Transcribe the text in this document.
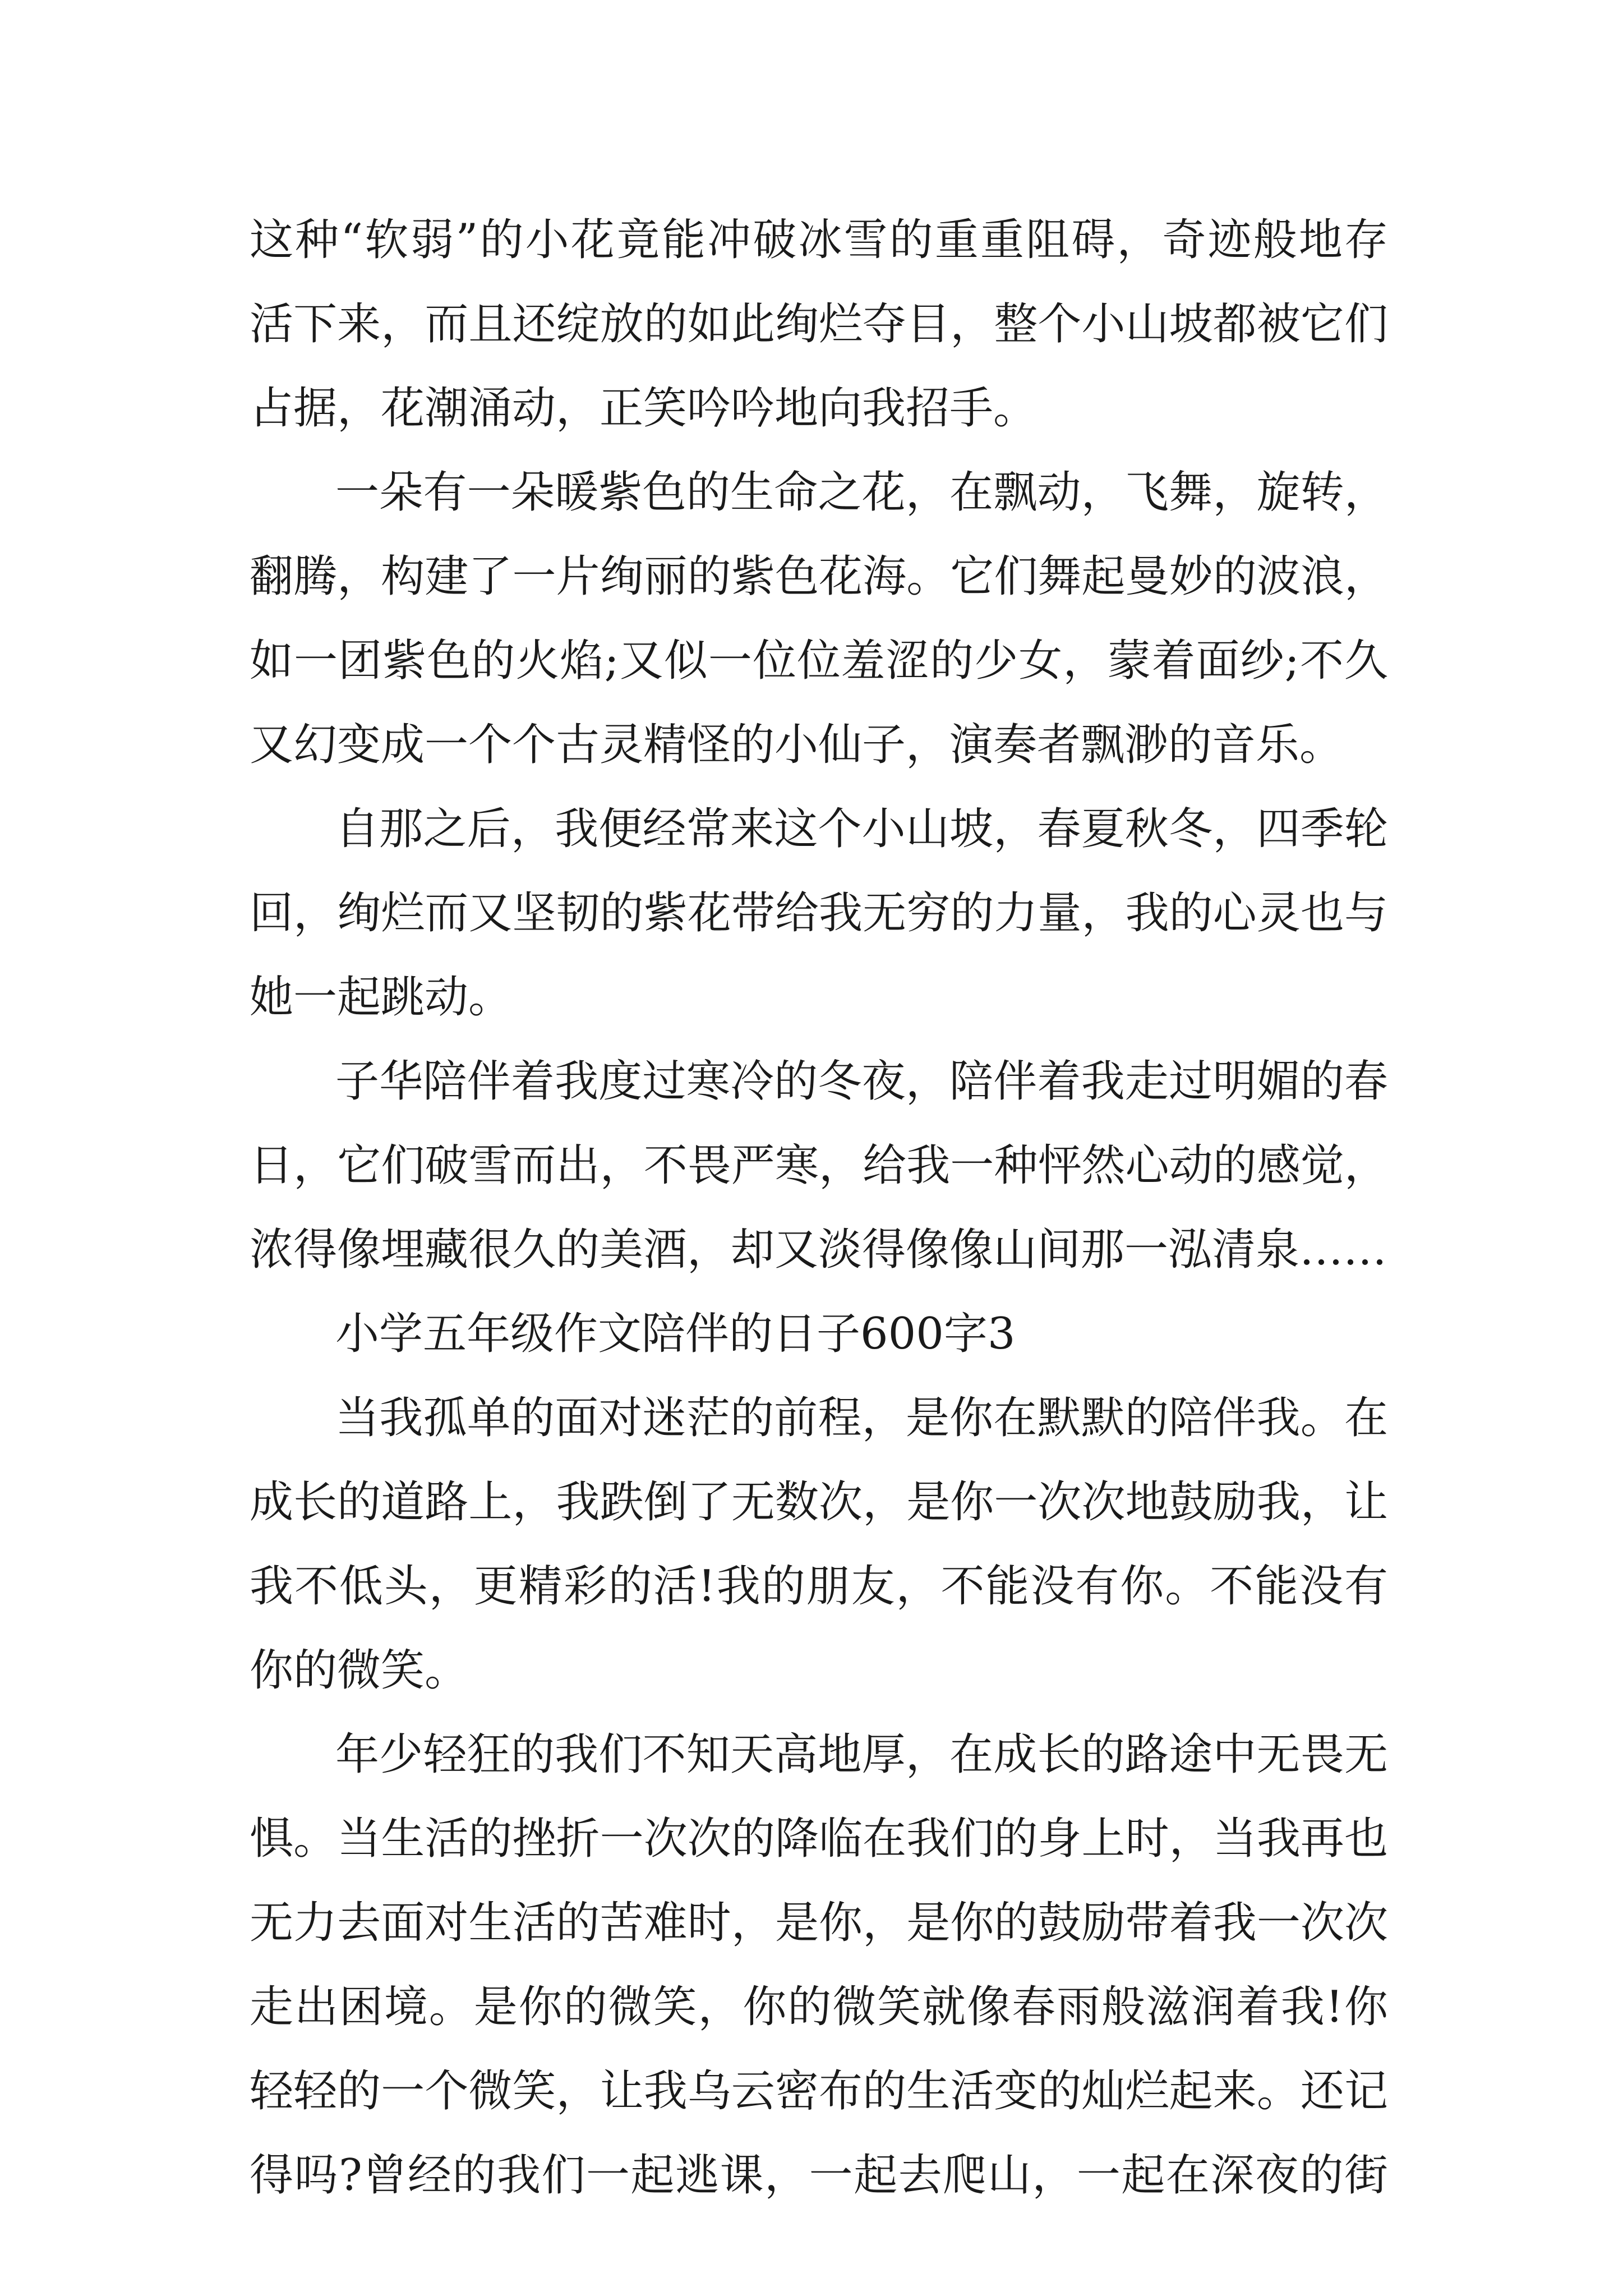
这种“软弱”的小花竟能冲破冰雪的重重阻碍，奇迹般地存
活下来，而且还绽放的如此绚烂夺目，整个小山坡都被它们
占据，花潮涌动，正笑吟吟地向我招手。
一朵有一朵暖紫色的生命之花，在飘动，飞舞，旋转，
翻腾，构建了一片绚丽的紫色花海。它们舞起曼妙的波浪，
如一团紫色的火焰;又似一位位羞涩的少女，蒙着面纱;不久
又幻变成一个个古灵精怪的小仙子，演奏者飘渺的音乐。
自那之后，我便经常来这个小山坡，春夏秋冬，四季轮
回，绚烂而又坚韧的紫花带给我无穷的力量，我的心灵也与
她一起跳动。
子华陪伴着我度过寒冷的冬夜，陪伴着我走过明媚的春
日，它们破雪而出，不畏严寒，给我一种怦然心动的感觉，
浓得像埋藏很久的美酒，却又淡得像像山间那一泓清泉……
小学五年级作文陪伴的日子600字3
当我孤单的面对迷茫的前程，是你在默默的陪伴我。在
成长的道路上，我跌倒了无数次，是你一次次地鼓励我，让
我不低头，更精彩的活!我的朋友，不能没有你。不能没有
你的微笑。
年少轻狂的我们不知天高地厚，在成长的路途中无畏无
惧。当生活的挫折一次次的降临在我们的身上时，当我再也
无力去面对生活的苦难时，是你，是你的鼓励带着我一次次
走出困境。是你的微笑，你的微笑就像春雨般滋润着我!你
轻轻的一个微笑，让我乌云密布的生活变的灿烂起来。还记
得吗?曾经的我们一起逃课，一起去爬山，一起在深夜的街
